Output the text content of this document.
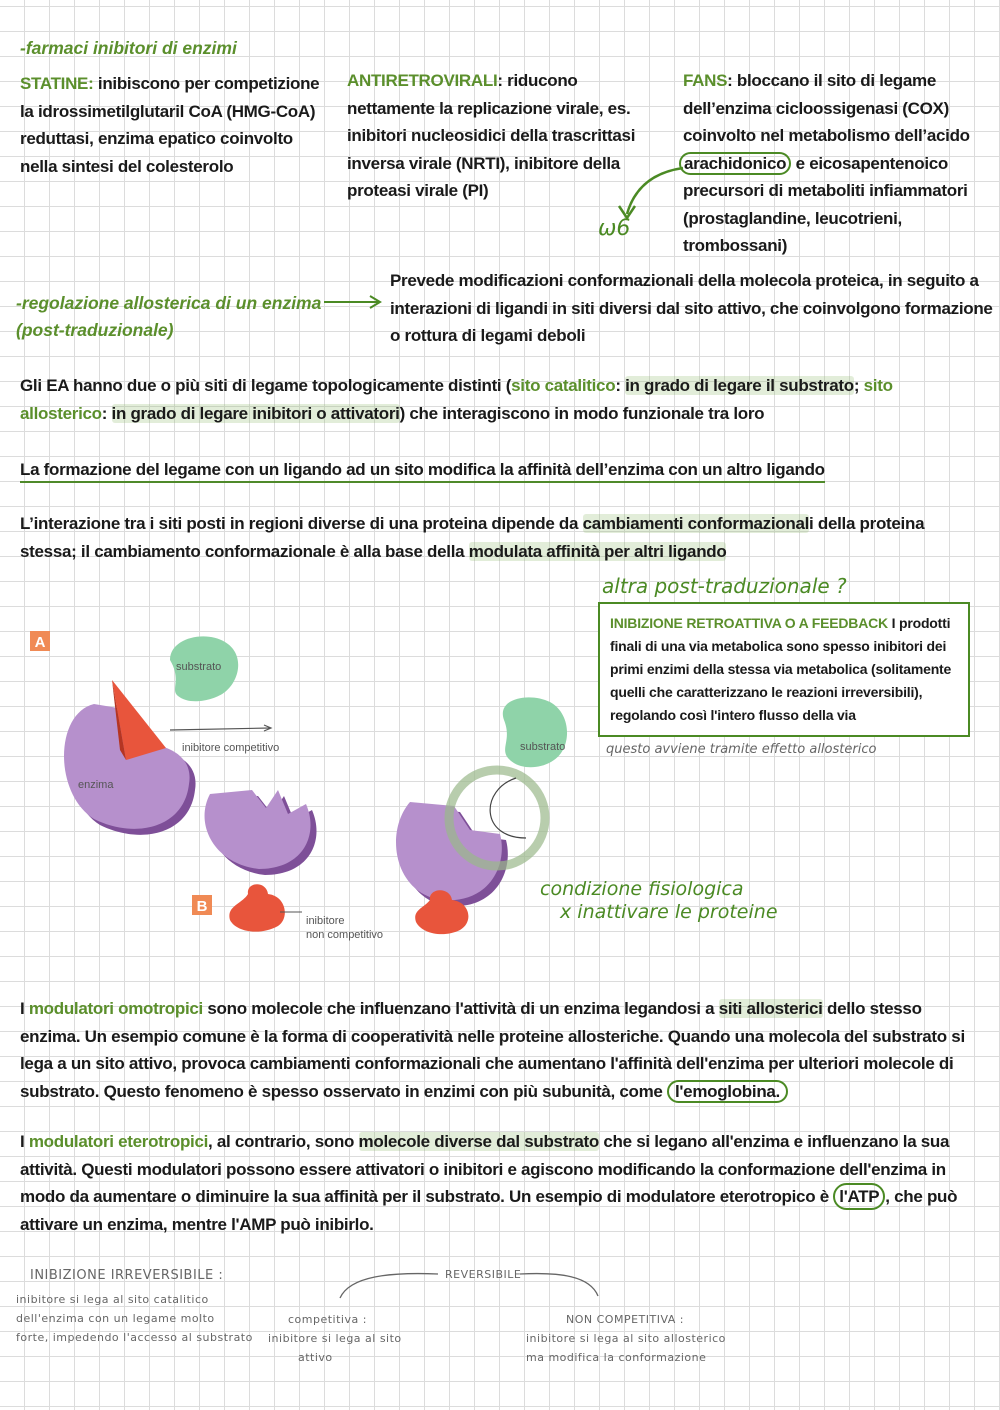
-farmaci inibitori di enzimi
STATINE: inibiscono per competizione la idrossimetilglutaril CoA (HMG-CoA) reduttasi, enzima epatico coinvolto nella sintesi del colesterolo
ANTIRETROVIRALI: riducono nettamente la replicazione virale, es. inibitori nucleosidici della trascrittasi inversa virale (NRTI), inibitore della proteasi virale (PI)
FANS: bloccano il sito di legame dell’enzima cicloossigenasi (COX) coinvolto nel metabolismo dell’acido arachidonico e eicosapentenoico precursori di metaboliti infiammatori (prostaglandine, leucotrieni, trombossani)
ω6
-regolazione allosterica di un enzima
(post-traduzionale)
Prevede modificazioni conformazionali della molecola proteica, in seguito a interazioni di ligandi in siti diversi dal sito attivo, che coinvolgono formazione o rottura di legami deboli
Gli EA hanno due o più siti di legame topologicamente distinti (sito catalitico: in grado di legare il substrato; sito allosterico: in grado di legare inibitori o attivatori) che interagiscono in modo funzionale tra loro
La formazione del legame con un ligando ad un sito modifica la affinità dell’enzima con un altro ligando
L’interazione tra i siti posti in regioni diverse di una proteina dipende da cambiamenti conformazionali della proteina stessa; il cambiamento conformazionale è alla base della modulata affinità per altri ligando
altra post-traduzionale ?
INIBIZIONE RETROATTIVA O A FEEDBACK I prodotti finali di una via metabolica sono spesso inibitori dei primi enzimi della stessa via metabolica (solitamente quelli che caratterizzano le reazioni irreversibili), regolando così l'intero flusso della via
questo avviene tramite effetto allosterico
A
enzima
substrato
inibitore competitivo
B
inibitore
non competitivo
substrato
condizione fisiologica
x inattivare le proteine
I modulatori omotropici sono molecole che influenzano l'attività di un enzima legandosi a siti allosterici dello stesso enzima. Un esempio comune è la forma di cooperatività nelle proteine allosteriche. Quando una molecola del substrato si lega a un sito attivo, provoca cambiamenti conformazionali che aumentano l'affinità dell'enzima per ulteriori molecole di substrato. Questo fenomeno è spesso osservato in enzimi con più subunità, come l'emoglobina.
I modulatori eterotropici, al contrario, sono molecole diverse dal substrato che si legano all'enzima e influenzano la sua attività. Questi modulatori possono essere attivatori o inibitori e agiscono modificando la conformazione dell'enzima in modo da aumentare o diminuire la sua affinità per il substrato. Un esempio di modulatore eterotropico è l'ATP , che può attivare un enzima, mentre l'AMP può inibirlo.
INIBIZIONE IRREVERSIBILE :
inibitore si lega al sito catalitico
dell'enzima con un legame molto
forte, impedendo l'accesso al substrato
REVERSIBILE
competitiva :
inibitore si lega al sito
attivo
NON COMPETITIVA :
inibitore si lega al sito allosterico
ma modifica la conformazione
